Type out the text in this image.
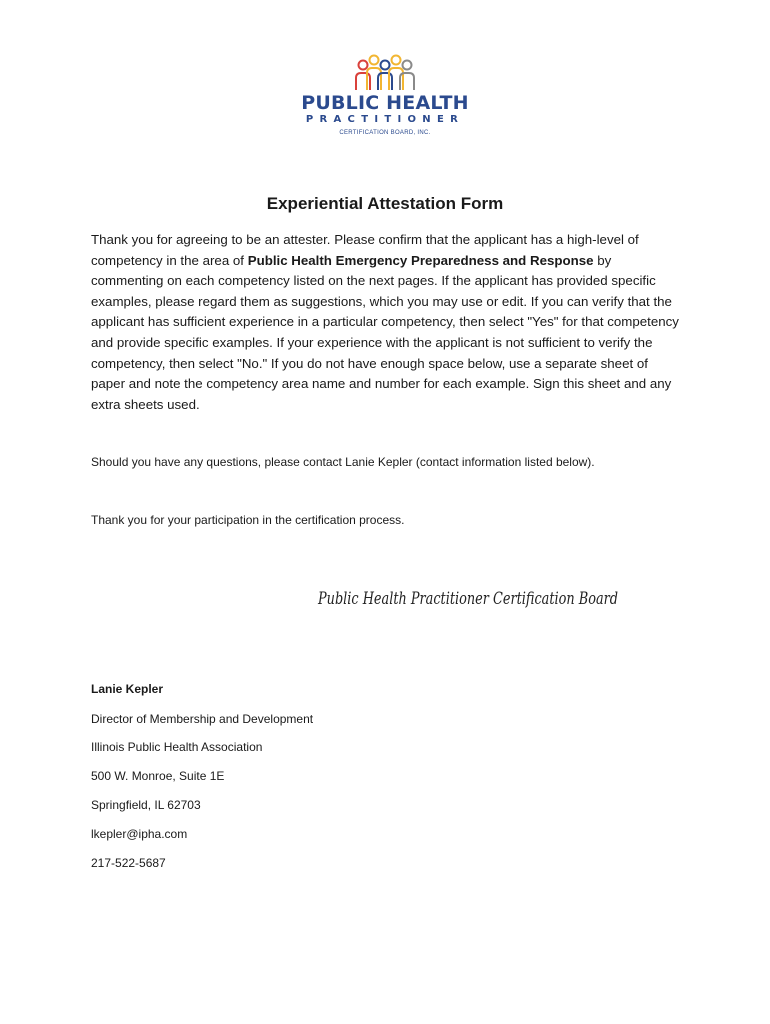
PUBLIC HEALTH
PRACTITIONER
CERTIFICATION BOARD, INC.
Experiential Attestation Form

Thank you for agreeing to be an attester. Please confirm that the applicant has a high-level of competency in the area of Public Health Emergency Preparedness and Response by commenting on each competency listed on the next pages. If the applicant has provided specific examples, please regard them as suggestions, which you may use or edit. If you can verify that the applicant has sufficient experience in a particular competency, then select "Yes" for that competency and provide specific examples. If your experience with the applicant is not sufficient to verify the competency, then select "No." If you do not have enough space below, use a separate sheet of paper and note the competency area name and number for each example. Sign this sheet and any extra sheets used.

Should you have any questions, please contact Lanie Kepler (contact information listed below).

Thank you for your participation in the certification process.

Public Health Practitioner Certification Board

Lanie Kepler

Director of Membership and Development

Illinois Public Health Association

500 W. Monroe, Suite 1E

Springfield, IL 62703

lkepler@ipha.com

217-522-5687
